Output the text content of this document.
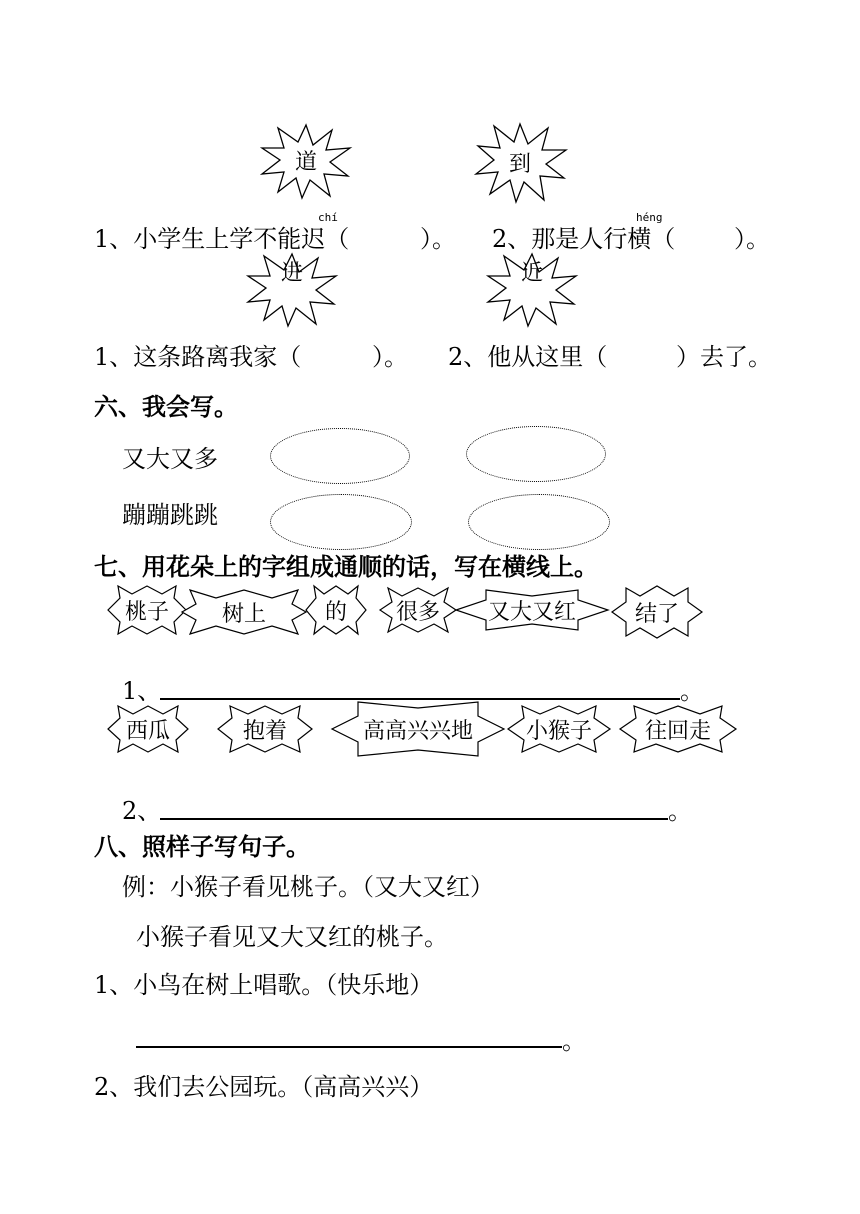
道	到
chí	héng
1、小学生上学不能迟（	）。 2、那是人行横（ ）。
进	近
1、这条路离我家（	）。 2、他从这里（	）去了。
六、我会写。
又大又多
蹦蹦跳跳
七、用花朵上的字组成通顺的话，写在横线上。
桃子	树上	的	很多	又大又红	结了
1、	。
西瓜	抱着	高高兴兴地	小猴子	往回走
2、	。
八、照样子写句子。
例：小猴子看见桃子。（又大又红）
小猴子看见又大又红的桃子。
1、小鸟在树上唱歌。（快乐地）
。
2、我们去公园玩。（高高兴兴）
